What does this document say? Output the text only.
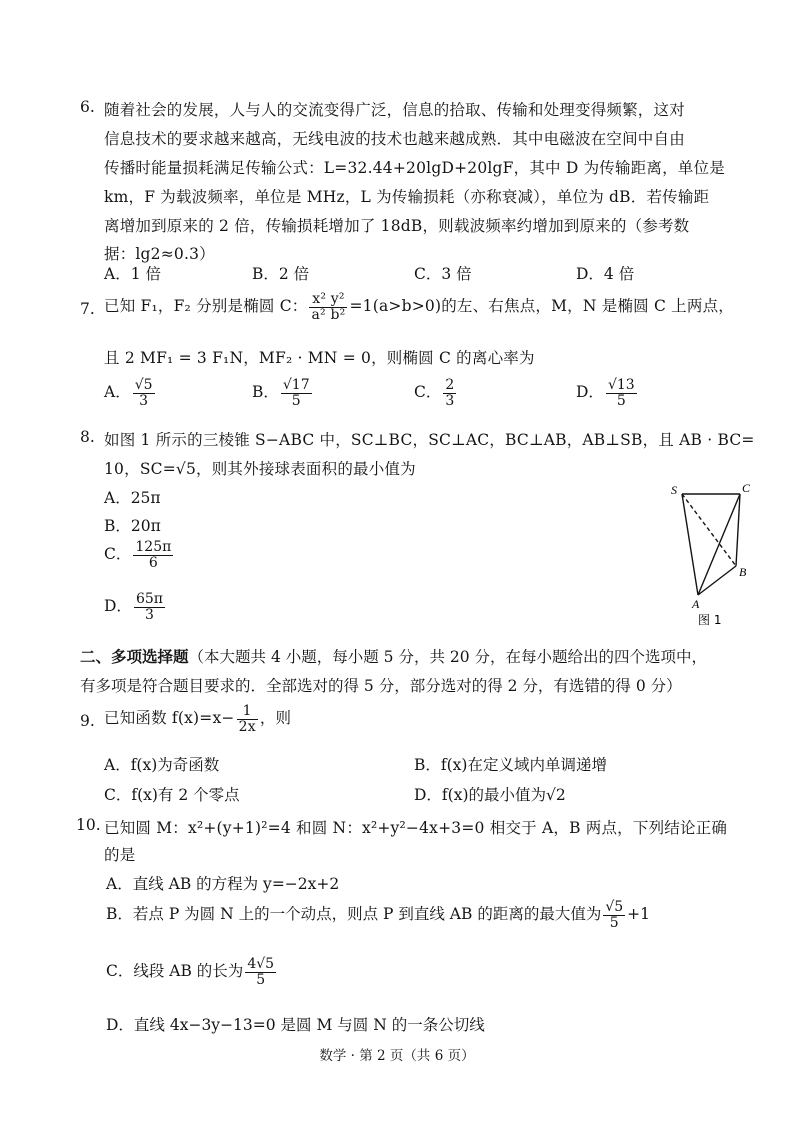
6. 随着社会的发展，人与人的交流变得广泛，信息的拾取、传输和处理变得频繁，这对
信息技术的要求越来越高，无线电波的技术也越来越成熟．其中电磁波在空间中自由
传播时能量损耗满足传输公式：L=32.44+20lgD+20lgF，其中 D 为传输距离，单位是
km，F 为载波频率，单位是 MHz，L 为传输损耗（亦称衰减），单位为 dB．若传输距
离增加到原来的 2 倍，传输损耗增加了 18dB，则载波频率约增加到原来的（参考数
据：lg2≈0.3）
A．1 倍	B．2 倍	C．3 倍	D．4 倍
7. 已知 F₁，F₂ 分别是椭圆 C： $\frac{\text{x² y²}}{\text{a² b²}} =1(a>b>0)$的左、右焦点，M，N 是椭圆 C 上两点，
且 2 MF₁ = 3 F₁N，MF₂ · MN = 0，则椭圆 C 的离心率为
A． $\frac{√5}{3}$	B． $\frac{√17}{5}$	C． $\frac{2}{3}$	D． $\frac{√13}{5}$
8. 如图 1 所示的三棱锥 S−ABC 中，SC⊥BC，SC⊥AC，BC⊥AB，AB⊥SB，且 AB · BC=
10，SC=√5，则其外接球表面积的最小值为
A．25π
B．20π
C． $\frac{125\pi}{6}$
D． $\frac{65\pi}{3}$
S	C
B
A
图 1
二、多项选择题（本大题共 4 小题，每小题 5 分，共 20 分，在每小题给出的四个选项中，
有多项是符合题目要求的．全部选对的得 5 分，部分选对的得 2 分，有选错的得 0 分）
9. 已知函数 $f(x)=x- \frac{1}{2x}$ ，则
A．f(x)为奇函数	B．f(x)在定义域内单调递增
C．f(x)有 2 个零点	D．f(x)的最小值为√2
10. 已知圆 M：x²+(y+1)²=4 和圆 N：x²+y²−4x+3=0 相交于 A，B 两点，下列结论正确
的是
A．直线 AB 的方程为 y=−2x+2
B．若点 P 为圆 N 上的一个动点，则点 P 到直线 AB 的距离的最大值为 $\frac{√5}{5} +1$
C．线段 AB 的长为 $\frac{4√5}{5}$
D．直线 4x−3y−13=0 是圆 M 与圆 N 的一条公切线
数学 · 第 2 页（共 6 页）
